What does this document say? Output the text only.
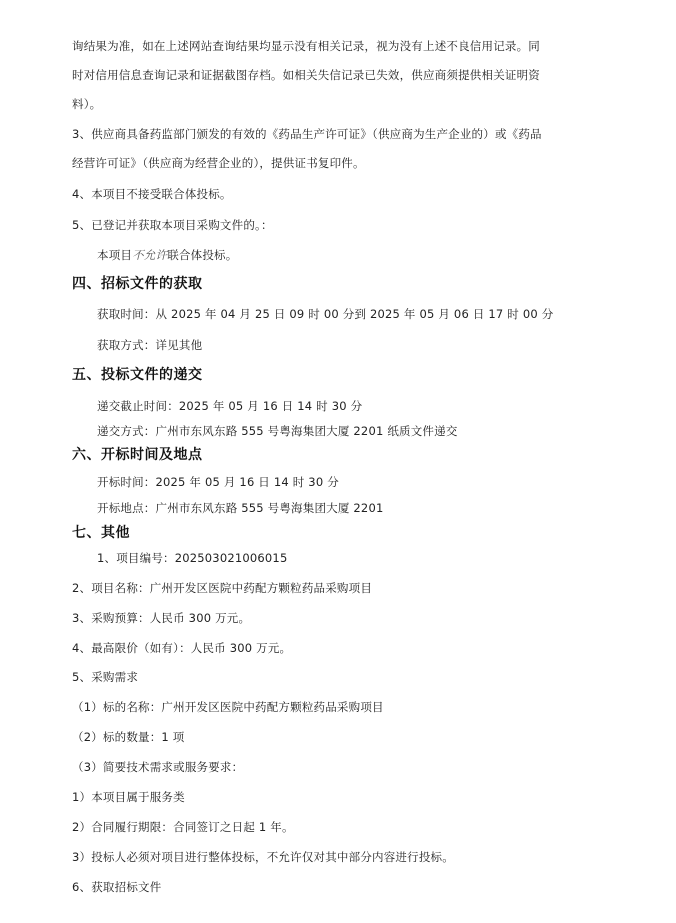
询结果为准，如在上述网站查询结果均显示没有相关记录，视为没有上述不良信用记录。同
时对信用信息查询记录和证据截图存档。如相关失信记录已失效，供应商须提供相关证明资
料）。
3、供应商具备药监部门颁发的有效的《药品生产许可证》（供应商为生产企业的）或《药品
经营许可证》（供应商为经营企业的），提供证书复印件。
4、本项目不接受联合体投标。
5、已登记并获取本项目采购文件的。：
本项目不允许联合体投标。
四、招标文件的获取
获取时间：从 2025 年 04 月 25 日 09 时 00 分到 2025 年 05 月 06 日 17 时 00 分
获取方式：详见其他
五、投标文件的递交
递交截止时间：2025 年 05 月 16 日 14 时 30 分
递交方式：广州市东风东路 555 号粤海集团大厦 2201 纸质文件递交
六、开标时间及地点
开标时间：2025 年 05 月 16 日 14 时 30 分
开标地点：广州市东风东路 555 号粤海集团大厦 2201
七、其他
1、项目编号：202503021006015
2、项目名称：广州开发区医院中药配方颗粒药品采购项目
3、采购预算：人民币 300 万元。
4、最高限价（如有）：人民币 300 万元。
5、采购需求
（1）标的名称：广州开发区医院中药配方颗粒药品采购项目
（2）标的数量：1 项
（3）简要技术需求或服务要求：
1）本项目属于服务类
2）合同履行期限：合同签订之日起 1 年。
3）投标人必须对项目进行整体投标，不允许仅对其中部分内容进行投标。
6、获取招标文件
